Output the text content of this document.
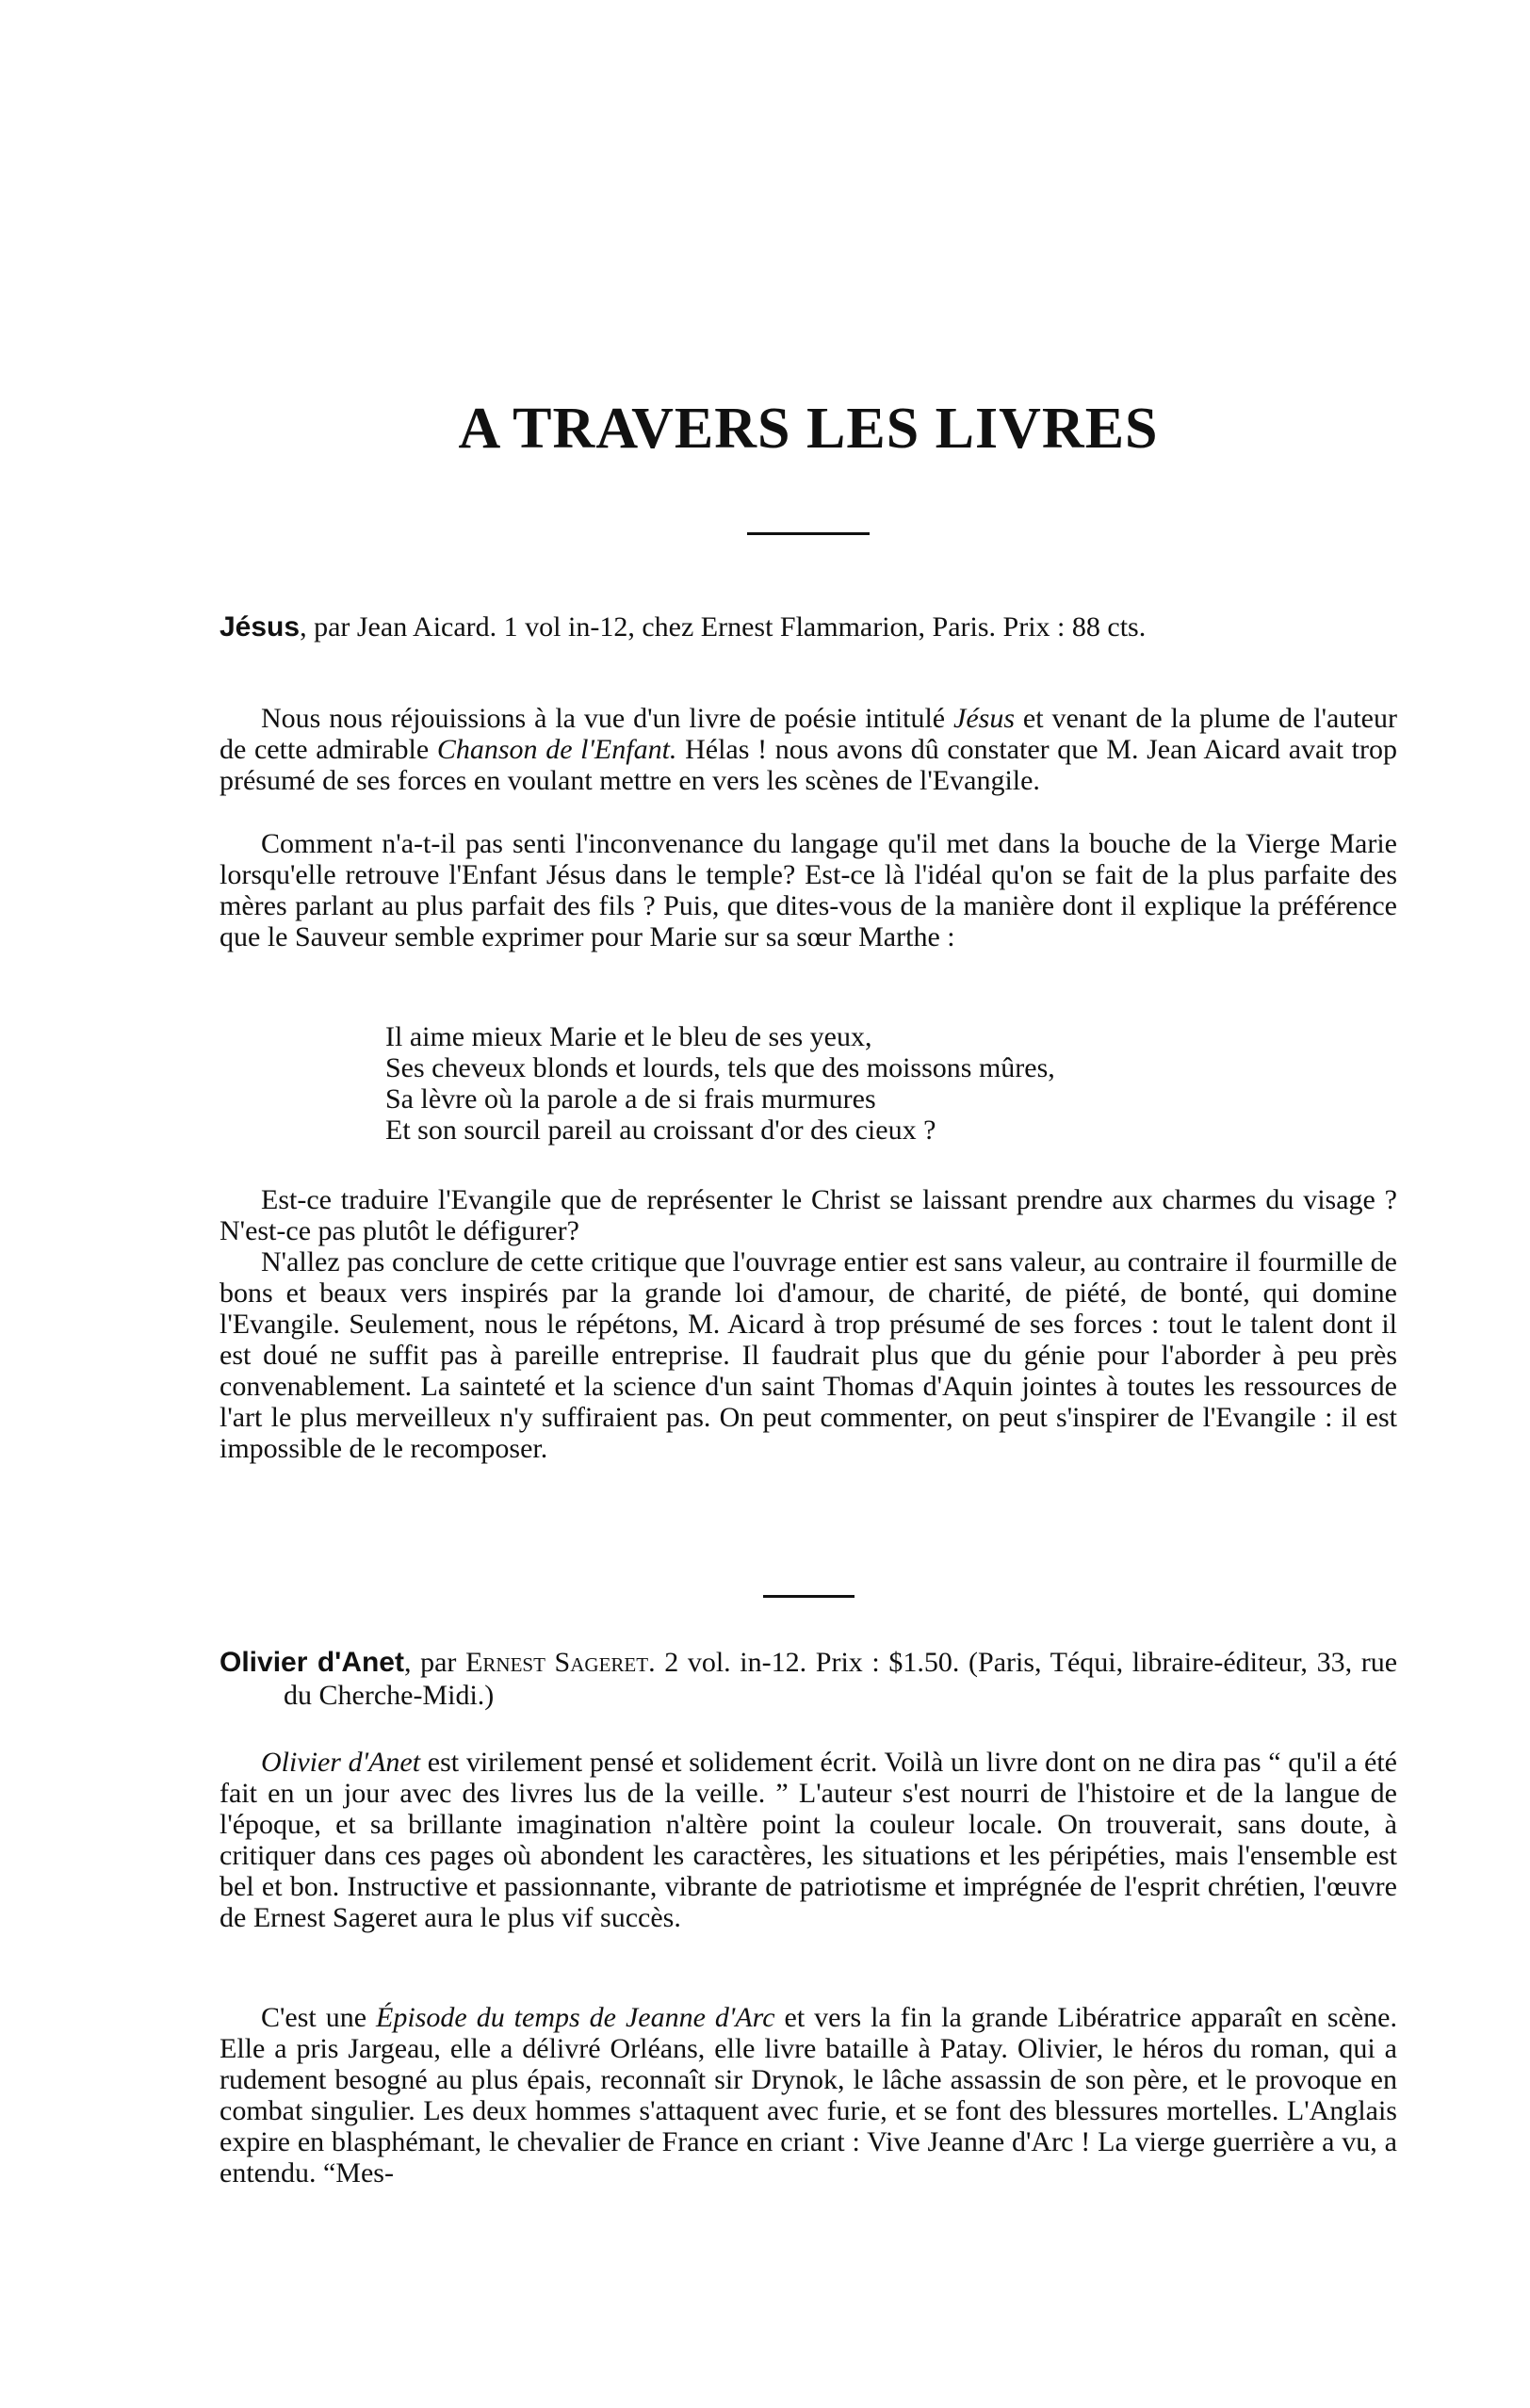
A TRAVERS LES LIVRES

Jésus, par Jean Aicard. 1 vol in-12, chez Ernest Flammarion, Paris. Prix : 88 cts.

Nous nous réjouissions à la vue d'un livre de poésie intitulé Jésus et venant de la plume de l'auteur de cette admirable Chanson de l'Enfant. Hélas ! nous avons dû constater que M. Jean Aicard avait trop présumé de ses forces en voulant mettre en vers les scènes de l'Evangile.

Comment n'a-t-il pas senti l'inconvenance du langage qu'il met dans la bouche de la Vierge Marie lorsqu'elle retrouve l'Enfant Jésus dans le temple? Est-ce là l'idéal qu'on se fait de la plus parfaite des mères parlant au plus parfait des fils ? Puis, que dites-vous de la manière dont il explique la préférence que le Sauveur semble exprimer pour Marie sur sa sœur Marthe :

Il aime mieux Marie et le bleu de ses yeux,
Ses cheveux blonds et lourds, tels que des moissons mûres,
Sa lèvre où la parole a de si frais murmures
Et son sourcil pareil au croissant d'or des cieux ?

Est-ce traduire l'Evangile que de représenter le Christ se laissant prendre aux charmes du visage ? N'est-ce pas plutôt le défigurer?

N'allez pas conclure de cette critique que l'ouvrage entier est sans valeur, au contraire il fourmille de bons et beaux vers inspirés par la grande loi d'amour, de charité, de piété, de bonté, qui domine l'Evangile. Seulement, nous le répétons, M. Aicard à trop présumé de ses forces : tout le talent dont il est doué ne suffit pas à pareille entreprise. Il faudrait plus que du génie pour l'aborder à peu près convenablement. La sainteté et la science d'un saint Thomas d'Aquin jointes à toutes les ressources de l'art le plus merveilleux n'y suffiraient pas. On peut commenter, on peut s'inspirer de l'Evangile : il est impossible de le recomposer.

Olivier d'Anet, par Ernest Sageret. 2 vol. in-12. Prix : $1.50. (Paris, Téqui, libraire-éditeur, 33, rue du Cherche-Midi.)

Olivier d'Anet est virilement pensé et solidement écrit. Voilà un livre dont on ne dira pas “ qu'il a été fait en un jour avec des livres lus de la veille. ” L'auteur s'est nourri de l'histoire et de la langue de l'époque, et sa brillante imagination n'altère point la couleur locale. On trouverait, sans doute, à critiquer dans ces pages où abondent les caractères, les situations et les péripéties, mais l'ensemble est bel et bon. Instructive et passionnante, vibrante de patriotisme et imprégnée de l'esprit chrétien, l'œuvre de Ernest Sageret aura le plus vif succès.

C'est une Épisode du temps de Jeanne d'Arc et vers la fin la grande Libératrice apparaît en scène. Elle a pris Jargeau, elle a délivré Orléans, elle livre bataille à Patay. Olivier, le héros du roman, qui a rudement besogné au plus épais, reconnaît sir Drynok, le lâche assassin de son père, et le provoque en combat singulier. Les deux hommes s'attaquent avec furie, et se font des blessures mortelles. L'Anglais expire en blasphémant, le chevalier de France en criant : Vive Jeanne d'Arc ! La vierge guerrière a vu, a entendu. “Mes-
